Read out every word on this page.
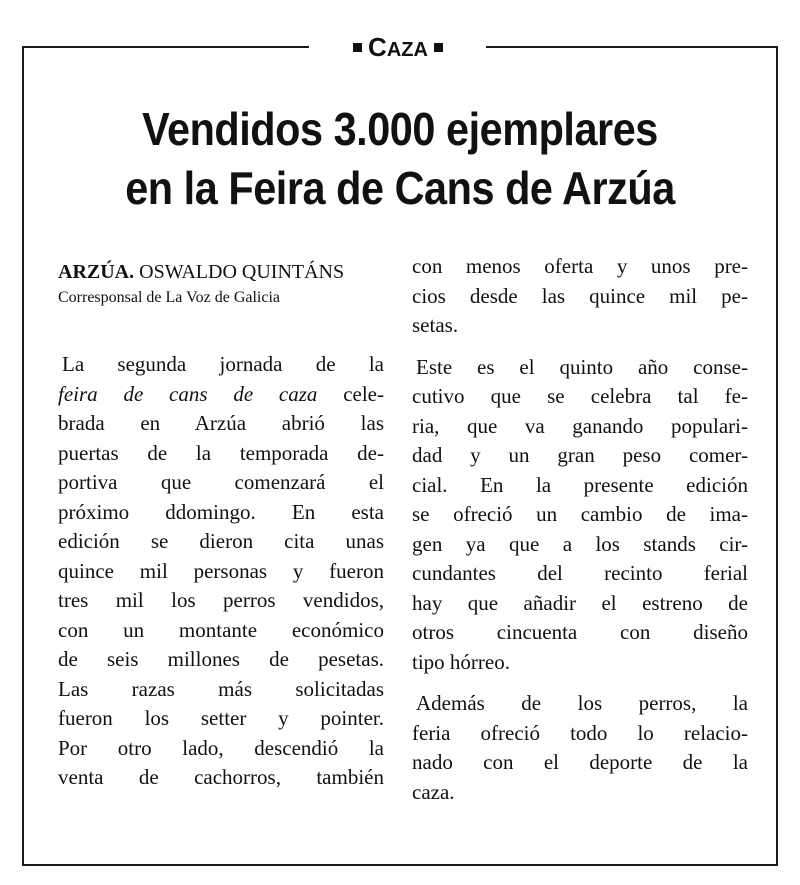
CAZA
Vendidos 3.000 ejemplares
en la Feira de Cans de Arzúa
ARZÚA. OSWALDO QUINTÁNS
Corresponsal de La Voz de Galicia
La segunda jornada de la
feira de cans de caza cele-
brada en Arzúa abrió las
puertas de la temporada de-
portiva que comenzará el
próximo ddomingo. En esta
edición se dieron cita unas
quince mil personas y fueron
tres mil los perros vendidos,
con un montante económico
de seis millones de pesetas.
Las razas más solicitadas
fueron los setter y pointer.
Por otro lado, descendió la
venta de cachorros, también
con menos oferta y unos pre-
cios desde las quince mil pe-
setas.
Este es el quinto año conse-
cutivo que se celebra tal fe-
ria, que va ganando populari-
dad y un gran peso comer-
cial. En la presente edición
se ofreció un cambio de ima-
gen ya que a los stands cir-
cundantes del recinto ferial
hay que añadir el estreno de
otros cincuenta con diseño
tipo hórreo.
Además de los perros, la
feria ofreció todo lo relacio-
nado con el deporte de la
caza.
